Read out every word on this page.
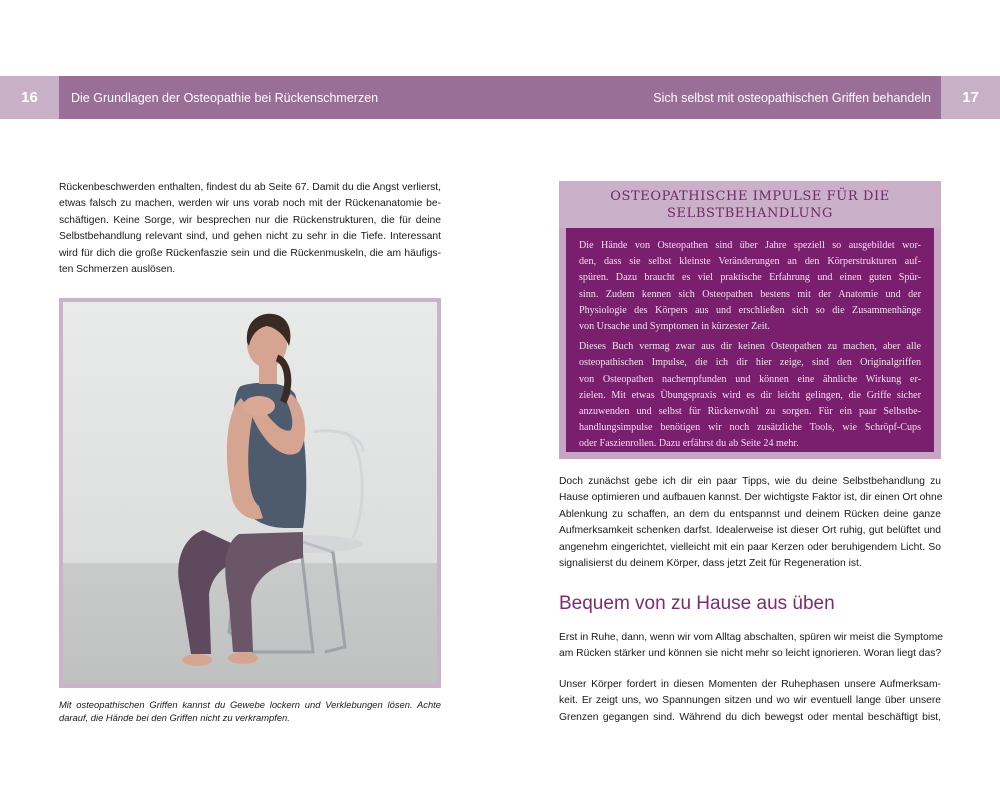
16	Die Grundlagen der Osteopathie bei Rückenschmerzen	Sich selbst mit osteopathischen Griffen behandeln	17
Rückenbeschwerden enthalten, findest du ab Seite 67. Damit du die Angst verlierst,
etwas falsch zu machen, werden wir uns vorab noch mit der Rückenanatomie be-
schäftigen. Keine Sorge, wir besprechen nur die Rückenstrukturen, die für deine
Selbstbehandlung relevant sind, und gehen nicht zu sehr in die Tiefe. Interessant
wird für dich die große Rückenfaszie sein und die Rückenmuskeln, die am häufigs-
ten Schmerzen auslösen.
Mit osteopathischen Griffen kannst du Gewebe lockern und Verklebungen lösen. Achte
darauf, die Hände bei den Griffen nicht zu verkrampfen.
OSTEOPATHISCHE IMPULSE FÜR DIE
SELBSTBEHANDLUNG

Die Hände von Osteopathen sind über Jahre speziell so ausgebildet wor-
den, dass sie selbst kleinste Veränderungen an den Körperstrukturen auf-
spüren. Dazu braucht es viel praktische Erfahrung und einen guten Spür-
sinn. Zudem kennen sich Osteopathen bestens mit der Anatomie und der
Physiologie des Körpers aus und erschließen sich so die Zusammenhänge
von Ursache und Symptomen in kürzester Zeit.

Dieses Buch vermag zwar aus dir keinen Osteopathen zu machen, aber alle
osteopathischen Impulse, die ich dir hier zeige, sind den Originalgriffen
von Osteopathen nachempfunden und können eine ähnliche Wirkung er-
zielen. Mit etwas Übungspraxis wird es dir leicht gelingen, die Griffe sicher
anzuwenden und selbst für Rückenwohl zu sorgen. Für ein paar Selbstbe-
handlungsimpulse benötigen wir noch zusätzliche Tools, wie Schröpf-Cups
oder Faszienrollen. Dazu erfährst du ab Seite 24 mehr.

Doch zunächst gebe ich dir ein paar Tipps, wie du deine Selbstbehandlung zu
Hause optimieren und aufbauen kannst. Der wichtigste Faktor ist, dir einen Ort ohne
Ablenkung zu schaffen, an dem du entspannst und deinem Rücken deine ganze
Aufmerksamkeit schenken darfst. Idealerweise ist dieser Ort ruhig, gut belüftet und
angenehm eingerichtet, vielleicht mit ein paar Kerzen oder beruhigendem Licht. So
signalisierst du deinem Körper, dass jetzt Zeit für Regeneration ist.
Bequem von zu Hause aus üben
Erst in Ruhe, dann, wenn wir vom Alltag abschalten, spüren wir meist die Symptome
am Rücken stärker und können sie nicht mehr so leicht ignorieren. Woran liegt das?
Unser Körper fordert in diesen Momenten der Ruhephasen unsere Aufmerksam-
keit. Er zeigt uns, wo Spannungen sitzen und wo wir eventuell lange über unsere
Grenzen gegangen sind. Während du dich bewegst oder mental beschäftigt bist,
